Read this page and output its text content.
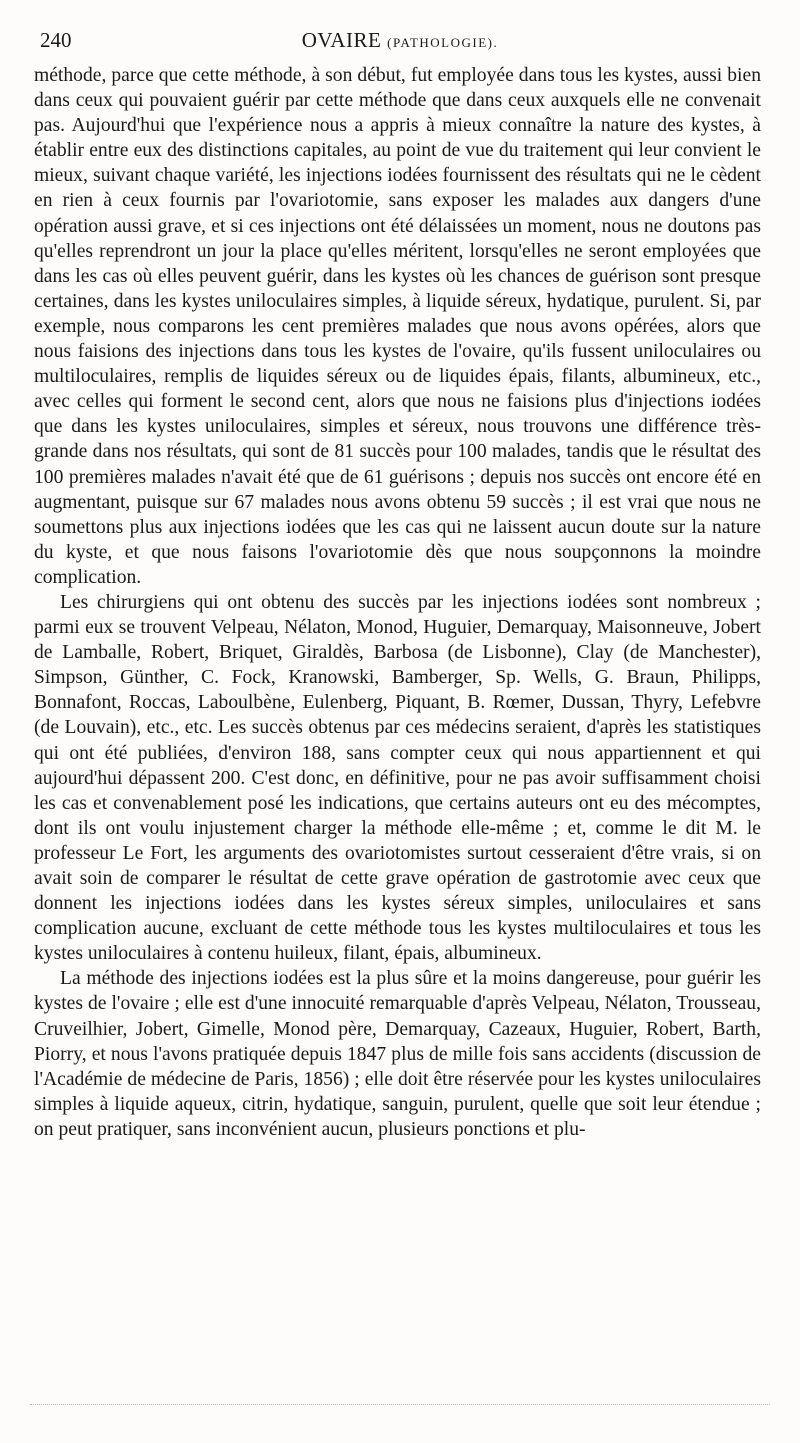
240	OVAIRE (PATHOLOGIE).

méthode, parce que cette méthode, à son début, fut employée dans tous les kystes, aussi bien dans ceux qui pouvaient guérir par cette méthode que dans ceux auxquels elle ne convenait pas. Aujourd'hui que l'expérience nous a appris à mieux connaître la nature des kystes, à établir entre eux des distinctions capitales, au point de vue du traitement qui leur convient le mieux, suivant chaque variété, les injections iodées fournissent des résultats qui ne le cèdent en rien à ceux fournis par l'ovariotomie, sans exposer les malades aux dangers d'une opération aussi grave, et si ces injections ont été délaissées un moment, nous ne doutons pas qu'elles reprendront un jour la place qu'elles méritent, lorsqu'elles ne seront employées que dans les cas où elles peuvent guérir, dans les kystes où les chances de guérison sont presque certaines, dans les kystes uniloculaires simples, à liquide séreux, hydatique, purulent. Si, par exemple, nous comparons les cent premières malades que nous avons opérées, alors que nous faisions des injections dans tous les kystes de l'ovaire, qu'ils fussent uniloculaires ou multiloculaires, remplis de liquides séreux ou de liquides épais, filants, albumineux, etc., avec celles qui forment le second cent, alors que nous ne faisions plus d'injections iodées que dans les kystes uniloculaires, simples et séreux, nous trouvons une différence très-grande dans nos résultats, qui sont de 81 succès pour 100 malades, tandis que le résultat des 100 premières malades n'avait été que de 61 guérisons ; depuis nos succès ont encore été en augmentant, puisque sur 67 malades nous avons obtenu 59 succès ; il est vrai que nous ne soumettons plus aux injections iodées que les cas qui ne laissent aucun doute sur la nature du kyste, et que nous faisons l'ovariotomie dès que nous soupçonnons la moindre complication.

Les chirurgiens qui ont obtenu des succès par les injections iodées sont nombreux ; parmi eux se trouvent Velpeau, Nélaton, Monod, Huguier, Demarquay, Maisonneuve, Jobert de Lamballe, Robert, Briquet, Giraldès, Barbosa (de Lisbonne), Clay (de Manchester), Simpson, Günther, C. Fock, Kranowski, Bamberger, Sp. Wells, G. Braun, Philipps, Bonnafont, Roccas, Laboulbène, Eulenberg, Piquant, B. Rœmer, Dussan, Thyry, Lefebvre (de Louvain), etc., etc. Les succès obtenus par ces médecins seraient, d'après les statistiques qui ont été publiées, d'environ 188, sans compter ceux qui nous appartiennent et qui aujourd'hui dépassent 200. C'est donc, en définitive, pour ne pas avoir suffisamment choisi les cas et convenablement posé les indications, que certains auteurs ont eu des mécomptes, dont ils ont voulu injustement charger la méthode elle-même ; et, comme le dit M. le professeur Le Fort, les arguments des ovariotomistes surtout cesseraient d'être vrais, si on avait soin de comparer le résultat de cette grave opération de gastrotomie avec ceux que donnent les injections iodées dans les kystes séreux simples, uniloculaires et sans complication aucune, excluant de cette méthode tous les kystes multiloculaires et tous les kystes uniloculaires à contenu huileux, filant, épais, albumineux.

La méthode des injections iodées est la plus sûre et la moins dangereuse, pour guérir les kystes de l'ovaire ; elle est d'une innocuité remarquable d'après Velpeau, Nélaton, Trousseau, Cruveilhier, Jobert, Gimelle, Monod père, Demarquay, Cazeaux, Huguier, Robert, Barth, Piorry, et nous l'avons pratiquée depuis 1847 plus de mille fois sans accidents (discussion de l'Académie de médecine de Paris, 1856) ; elle doit être réservée pour les kystes uniloculaires simples à liquide aqueux, citrin, hydatique, sanguin, purulent, quelle que soit leur étendue ; on peut pratiquer, sans inconvénient aucun, plusieurs ponctions et plu-
